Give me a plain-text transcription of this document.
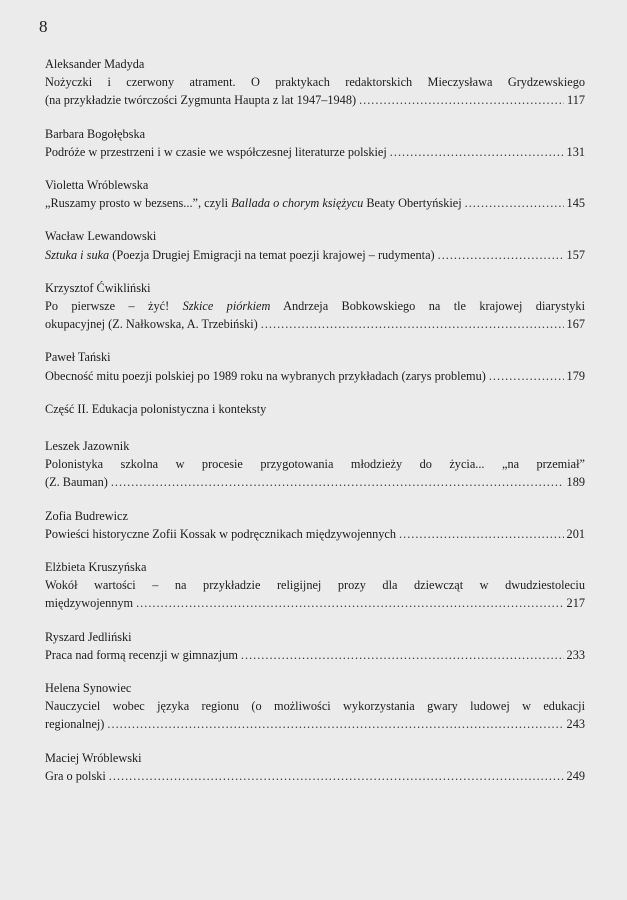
8
Aleksander Madyda
Nożyczki i czerwony atrament. O praktykach redaktorskich Mieczysława Grydzewskiego
(na przykładzie twórczości Zygmunta Haupta z lat 1947–1948) .....	117
Barbara Bogołębska
Podróże w przestrzeni i w czasie we współczesnej literaturze polskiej .....	131
Violetta Wróblewska
„Ruszamy prosto w bezsens...”, czyli Ballada o chorym księżycu Beaty Obertyńskiej .....	145
Wacław Lewandowski
Sztuka i suka (Poezja Drugiej Emigracji na temat poezji krajowej – rudymenta) .....	157
Krzysztof Ćwikliński
Po pierwsze – żyć! Szkice piórkiem Andrzeja Bobkowskiego na tle krajowej diarystyki
okupacyjnej (Z. Nałkowska, A. Trzebiński) .....	167
Paweł Tański
Obecność mitu poezji polskiej po 1989 roku na wybranych przykładach (zarys problemu) .....	179
Część II. Edukacja polonistyczna i konteksty
Leszek Jazownik
Polonistyka szkolna w procesie przygotowania młodzieży do życia... „na przemiał”
(Z. Bauman) .....	189
Zofia Budrewicz
Powieści historyczne Zofii Kossak w podręcznikach międzywojennych .....	201
Elżbieta Kruszyńska
Wokół wartości – na przykładzie religijnej prozy dla dziewcząt w dwudziestoleciu
międzywojennym .....	217
Ryszard Jedliński
Praca nad formą recenzji w gimnazjum .....	233
Helena Synowiec
Nauczyciel wobec języka regionu (o możliwości wykorzystania gwary ludowej w edukacji
regionalnej) .....	243
Maciej Wróblewski
Gra o polski .....	249
